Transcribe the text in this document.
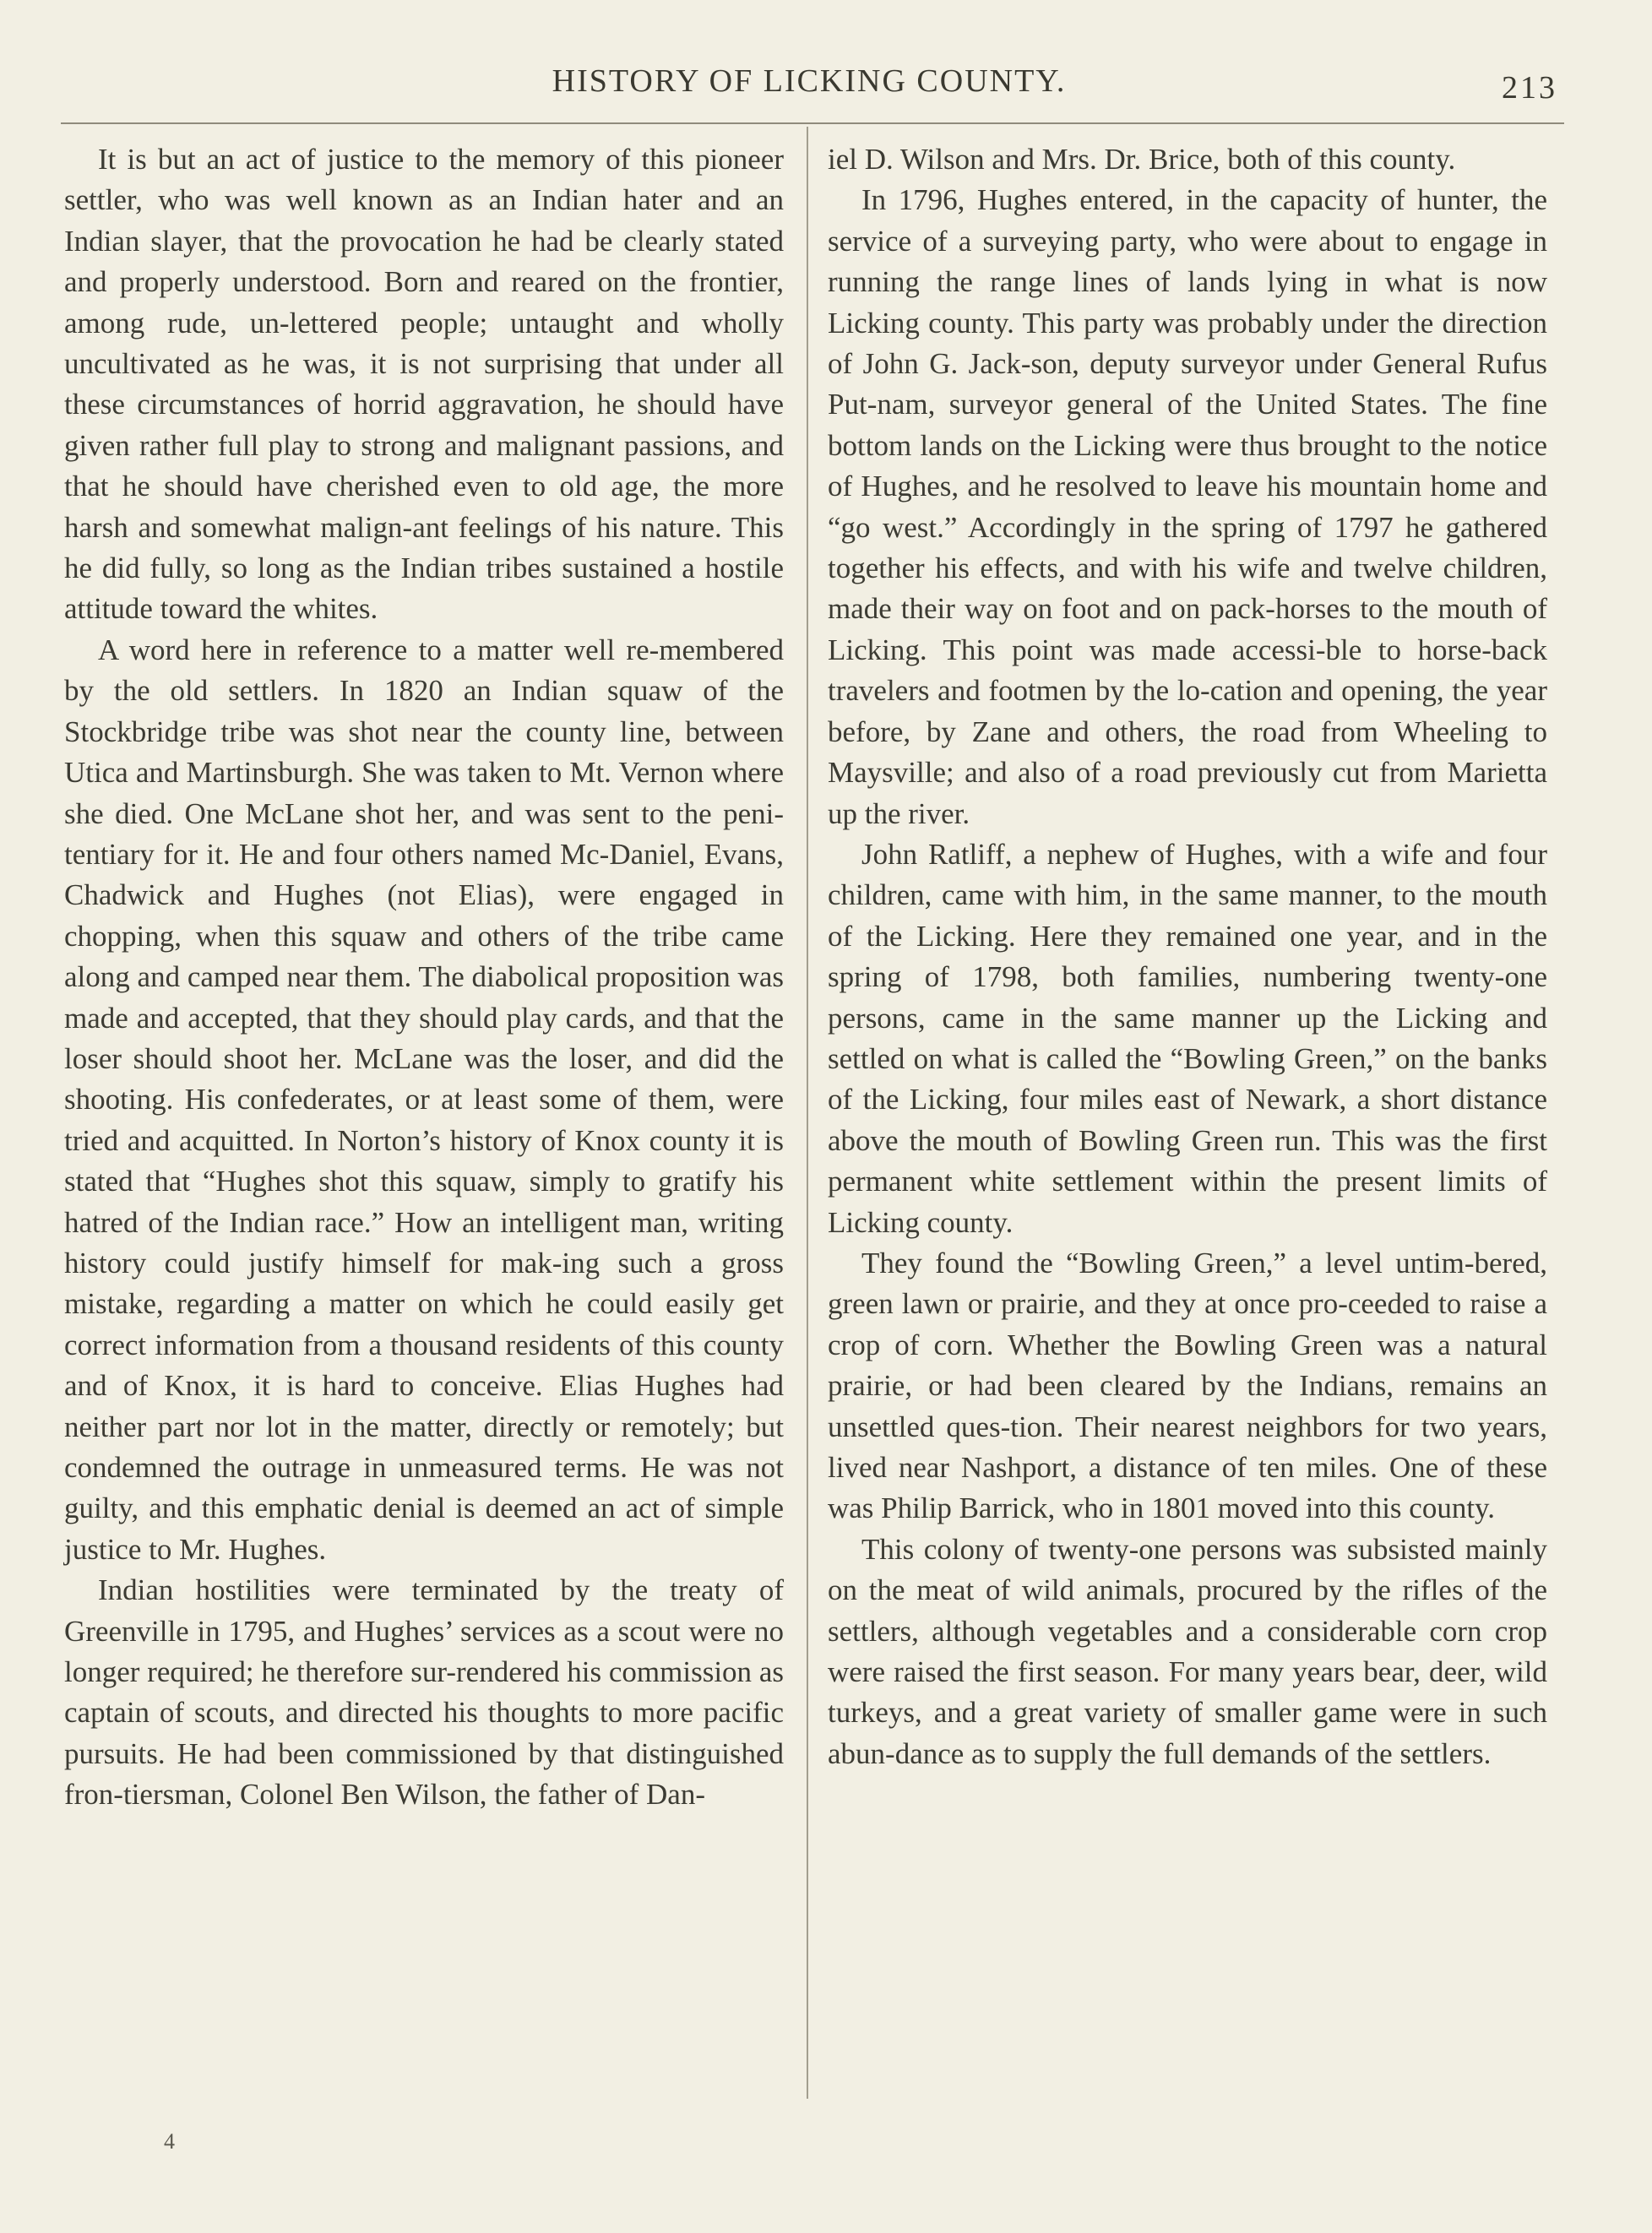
HISTORY OF LICKING COUNTY.	213

It is but an act of justice to the memory of this pioneer settler, who was well known as an Indian hater and an Indian slayer, that the provocation he had be clearly stated and properly understood. Born and reared on the frontier, among rude, un-lettered people; untaught and wholly uncultivated as he was, it is not surprising that under all these circumstances of horrid aggravation, he should have given rather full play to strong and malignant passions, and that he should have cherished even to old age, the more harsh and somewhat malign-ant feelings of his nature. This he did fully, so long as the Indian tribes sustained a hostile attitude toward the whites.

A word here in reference to a matter well re-membered by the old settlers. In 1820 an Indian squaw of the Stockbridge tribe was shot near the county line, between Utica and Martinsburgh. She was taken to Mt. Vernon where she died. One McLane shot her, and was sent to the peni-tentiary for it. He and four others named Mc-Daniel, Evans, Chadwick and Hughes (not Elias), were engaged in chopping, when this squaw and others of the tribe came along and camped near them. The diabolical proposition was made and accepted, that they should play cards, and that the loser should shoot her. McLane was the loser, and did the shooting. His confederates, or at least some of them, were tried and acquitted. In Norton’s history of Knox county it is stated that “Hughes shot this squaw, simply to gratify his hatred of the Indian race.” How an intelligent man, writing history could justify himself for mak-ing such a gross mistake, regarding a matter on which he could easily get correct information from a thousand residents of this county and of Knox, it is hard to conceive. Elias Hughes had neither part nor lot in the matter, directly or remotely; but condemned the outrage in unmeasured terms. He was not guilty, and this emphatic denial is deemed an act of simple justice to Mr. Hughes.

Indian hostilities were terminated by the treaty of Greenville in 1795, and Hughes’ services as a scout were no longer required; he therefore sur-rendered his commission as captain of scouts, and directed his thoughts to more pacific pursuits. He had been commissioned by that distinguished fron-tiersman, Colonel Ben Wilson, the father of Dan-

iel D. Wilson and Mrs. Dr. Brice, both of this county.

In 1796, Hughes entered, in the capacity of hunter, the service of a surveying party, who were about to engage in running the range lines of lands lying in what is now Licking county. This party was probably under the direction of John G. Jack-son, deputy surveyor under General Rufus Put-nam, surveyor general of the United States. The fine bottom lands on the Licking were thus brought to the notice of Hughes, and he resolved to leave his mountain home and “go west.” Accordingly in the spring of 1797 he gathered together his effects, and with his wife and twelve children, made their way on foot and on pack-horses to the mouth of Licking. This point was made accessi-ble to horse-back travelers and footmen by the lo-cation and opening, the year before, by Zane and others, the road from Wheeling to Maysville; and also of a road previously cut from Marietta up the river.

John Ratliff, a nephew of Hughes, with a wife and four children, came with him, in the same manner, to the mouth of the Licking. Here they remained one year, and in the spring of 1798, both families, numbering twenty-one persons, came in the same manner up the Licking and settled on what is called the “Bowling Green,” on the banks of the Licking, four miles east of Newark, a short distance above the mouth of Bowling Green run. This was the first permanent white settlement within the present limits of Licking county.

They found the “Bowling Green,” a level untim-bered, green lawn or prairie, and they at once pro-ceeded to raise a crop of corn. Whether the Bowling Green was a natural prairie, or had been cleared by the Indians, remains an unsettled ques-tion. Their nearest neighbors for two years, lived near Nashport, a distance of ten miles. One of these was Philip Barrick, who in 1801 moved into this county.

This colony of twenty-one persons was subsisted mainly on the meat of wild animals, procured by the rifles of the settlers, although vegetables and a considerable corn crop were raised the first season. For many years bear, deer, wild turkeys, and a great variety of smaller game were in such abun-dance as to supply the full demands of the settlers.

4
